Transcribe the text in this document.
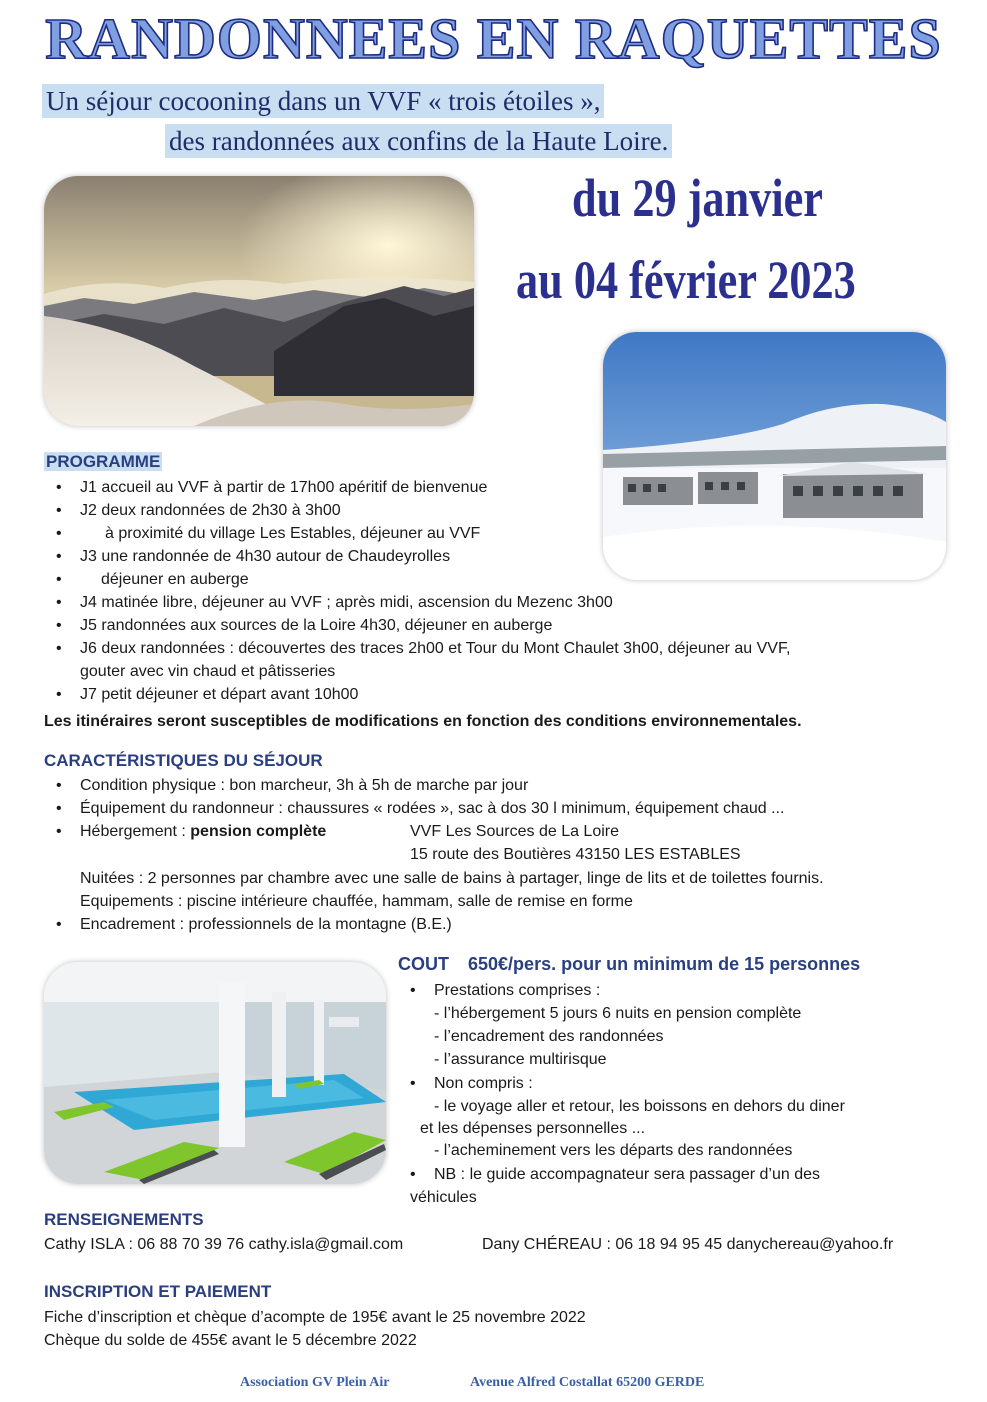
RANDONNEES EN RAQUETTES
Un séjour cocooning dans un VVF « trois étoiles »,
des randonnées aux confins de la Haute Loire.
du 29 janvier
au 04 février 2023
PROGRAMME
• J1 accueil au VVF à partir de 17h00 apéritif de bienvenue
• J2 deux randonnées de 2h30 à 3h00
• à proximité du village Les Estables, déjeuner au VVF
• J3 une randonnée de 4h30 autour de Chaudeyrolles
• déjeuner en auberge
• J4 matinée libre, déjeuner au VVF ; après midi, ascension du Mezenc 3h00
• J5 randonnées aux sources de la Loire 4h30, déjeuner en auberge
• J6 deux randonnées : découvertes des traces 2h00 et Tour du Mont Chaulet 3h00, déjeuner au VVF,
gouter avec vin chaud et pâtisseries
• J7 petit déjeuner et départ avant 10h00
Les itinéraires seront susceptibles de modifications en fonction des conditions environnementales.
CARACTÉRISTIQUES DU SÉJOUR
• Condition physique : bon marcheur, 3h à 5h de marche par jour
• Équipement du randonneur : chaussures « rodées », sac à dos 30 l minimum, équipement chaud ...
• Hébergement : pension complète	VVF Les Sources de La Loire
15 route des Boutières 43150 LES ESTABLES
Nuitées : 2 personnes par chambre avec une salle de bains à partager, linge de lits et de toilettes fournis.
Equipements : piscine intérieure chauffée, hammam, salle de remise en forme
• Encadrement : professionnels de la montagne (B.E.)
COUT 650€/pers. pour un minimum de 15 personnes
• Prestations comprises :
- l’hébergement 5 jours 6 nuits en pension complète
- l’encadrement des randonnées
- l’assurance multirisque
• Non compris :
- le voyage aller et retour, les boissons en dehors du diner
et les dépenses personnelles ...
- l’acheminement vers les départs des randonnées
• NB : le guide accompagnateur sera passager d’un des
véhicules
RENSEIGNEMENTS
Cathy ISLA : 06 88 70 39 76 cathy.isla@gmail.com	Dany CHÉREAU : 06 18 94 95 45 danychereau@yahoo.fr
INSCRIPTION ET PAIEMENT
Fiche d’inscription et chèque d’acompte de 195€ avant le 25 novembre 2022
Chèque du solde de 455€ avant le 5 décembre 2022
Association GV Plein Air	Avenue Alfred Costallat 65200 GERDE
